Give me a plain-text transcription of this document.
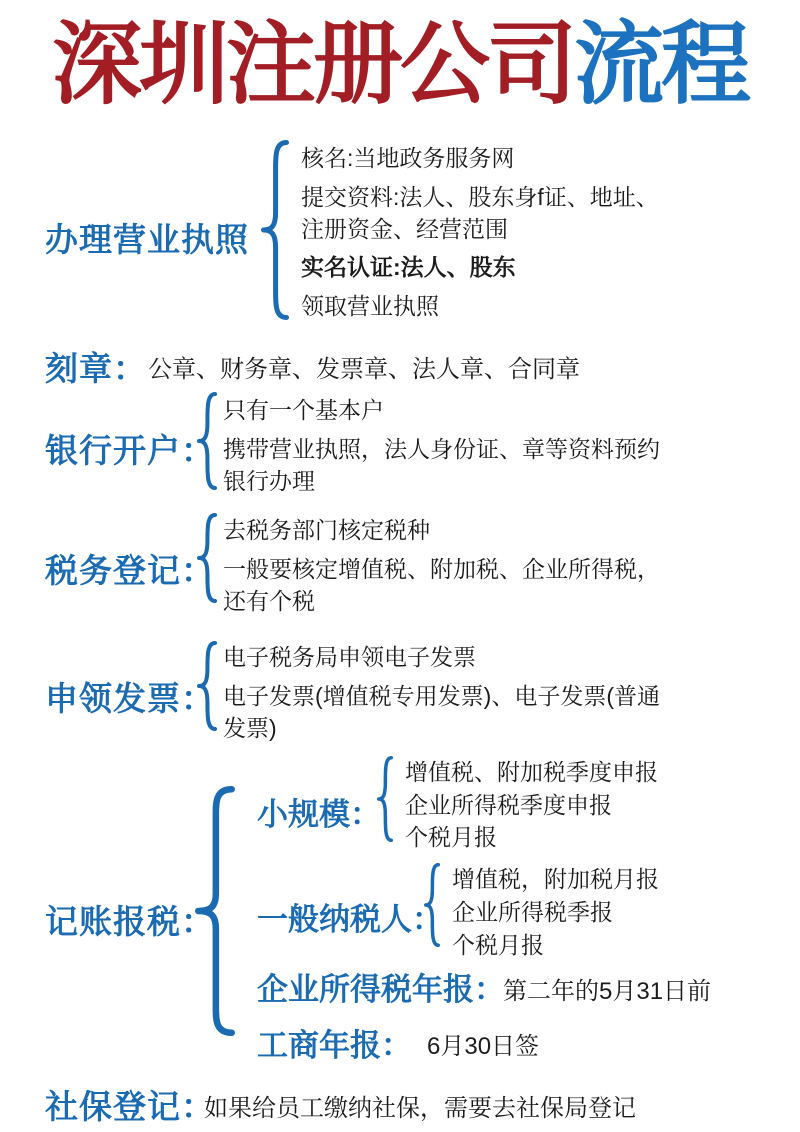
深圳注册公司流程
办理营业执照
核名:当地政务服务网
提交资料:法人、股东身f证、地址、
注册资金、经营范围
实名认证:法人、股东
领取营业执照
刻章： 公章、财务章、发票章、法人章、合同章
银行开户：
只有一个基本户
携带营业执照，法人身份证、章等资料预约
银行办理
税务登记：
去税务部门核定税种
一般要核定增值税、附加税、企业所得税，
还有个税
申领发票：
电子税务局申领电子发票
电子发票(增值税专用发票)、电子发票(普通
发票)
记账报税：
小规模：
增值税、附加税季度申报
企业所得税季度申报
个税月报
一般纳税人：
增值税，附加税月报
企业所得税季报
个税月报
企业所得税年报：
第二年的5月31日前
工商年报： 6月30日签
社保登记：
如果给员工缴纳社保，需要去社保局登记
